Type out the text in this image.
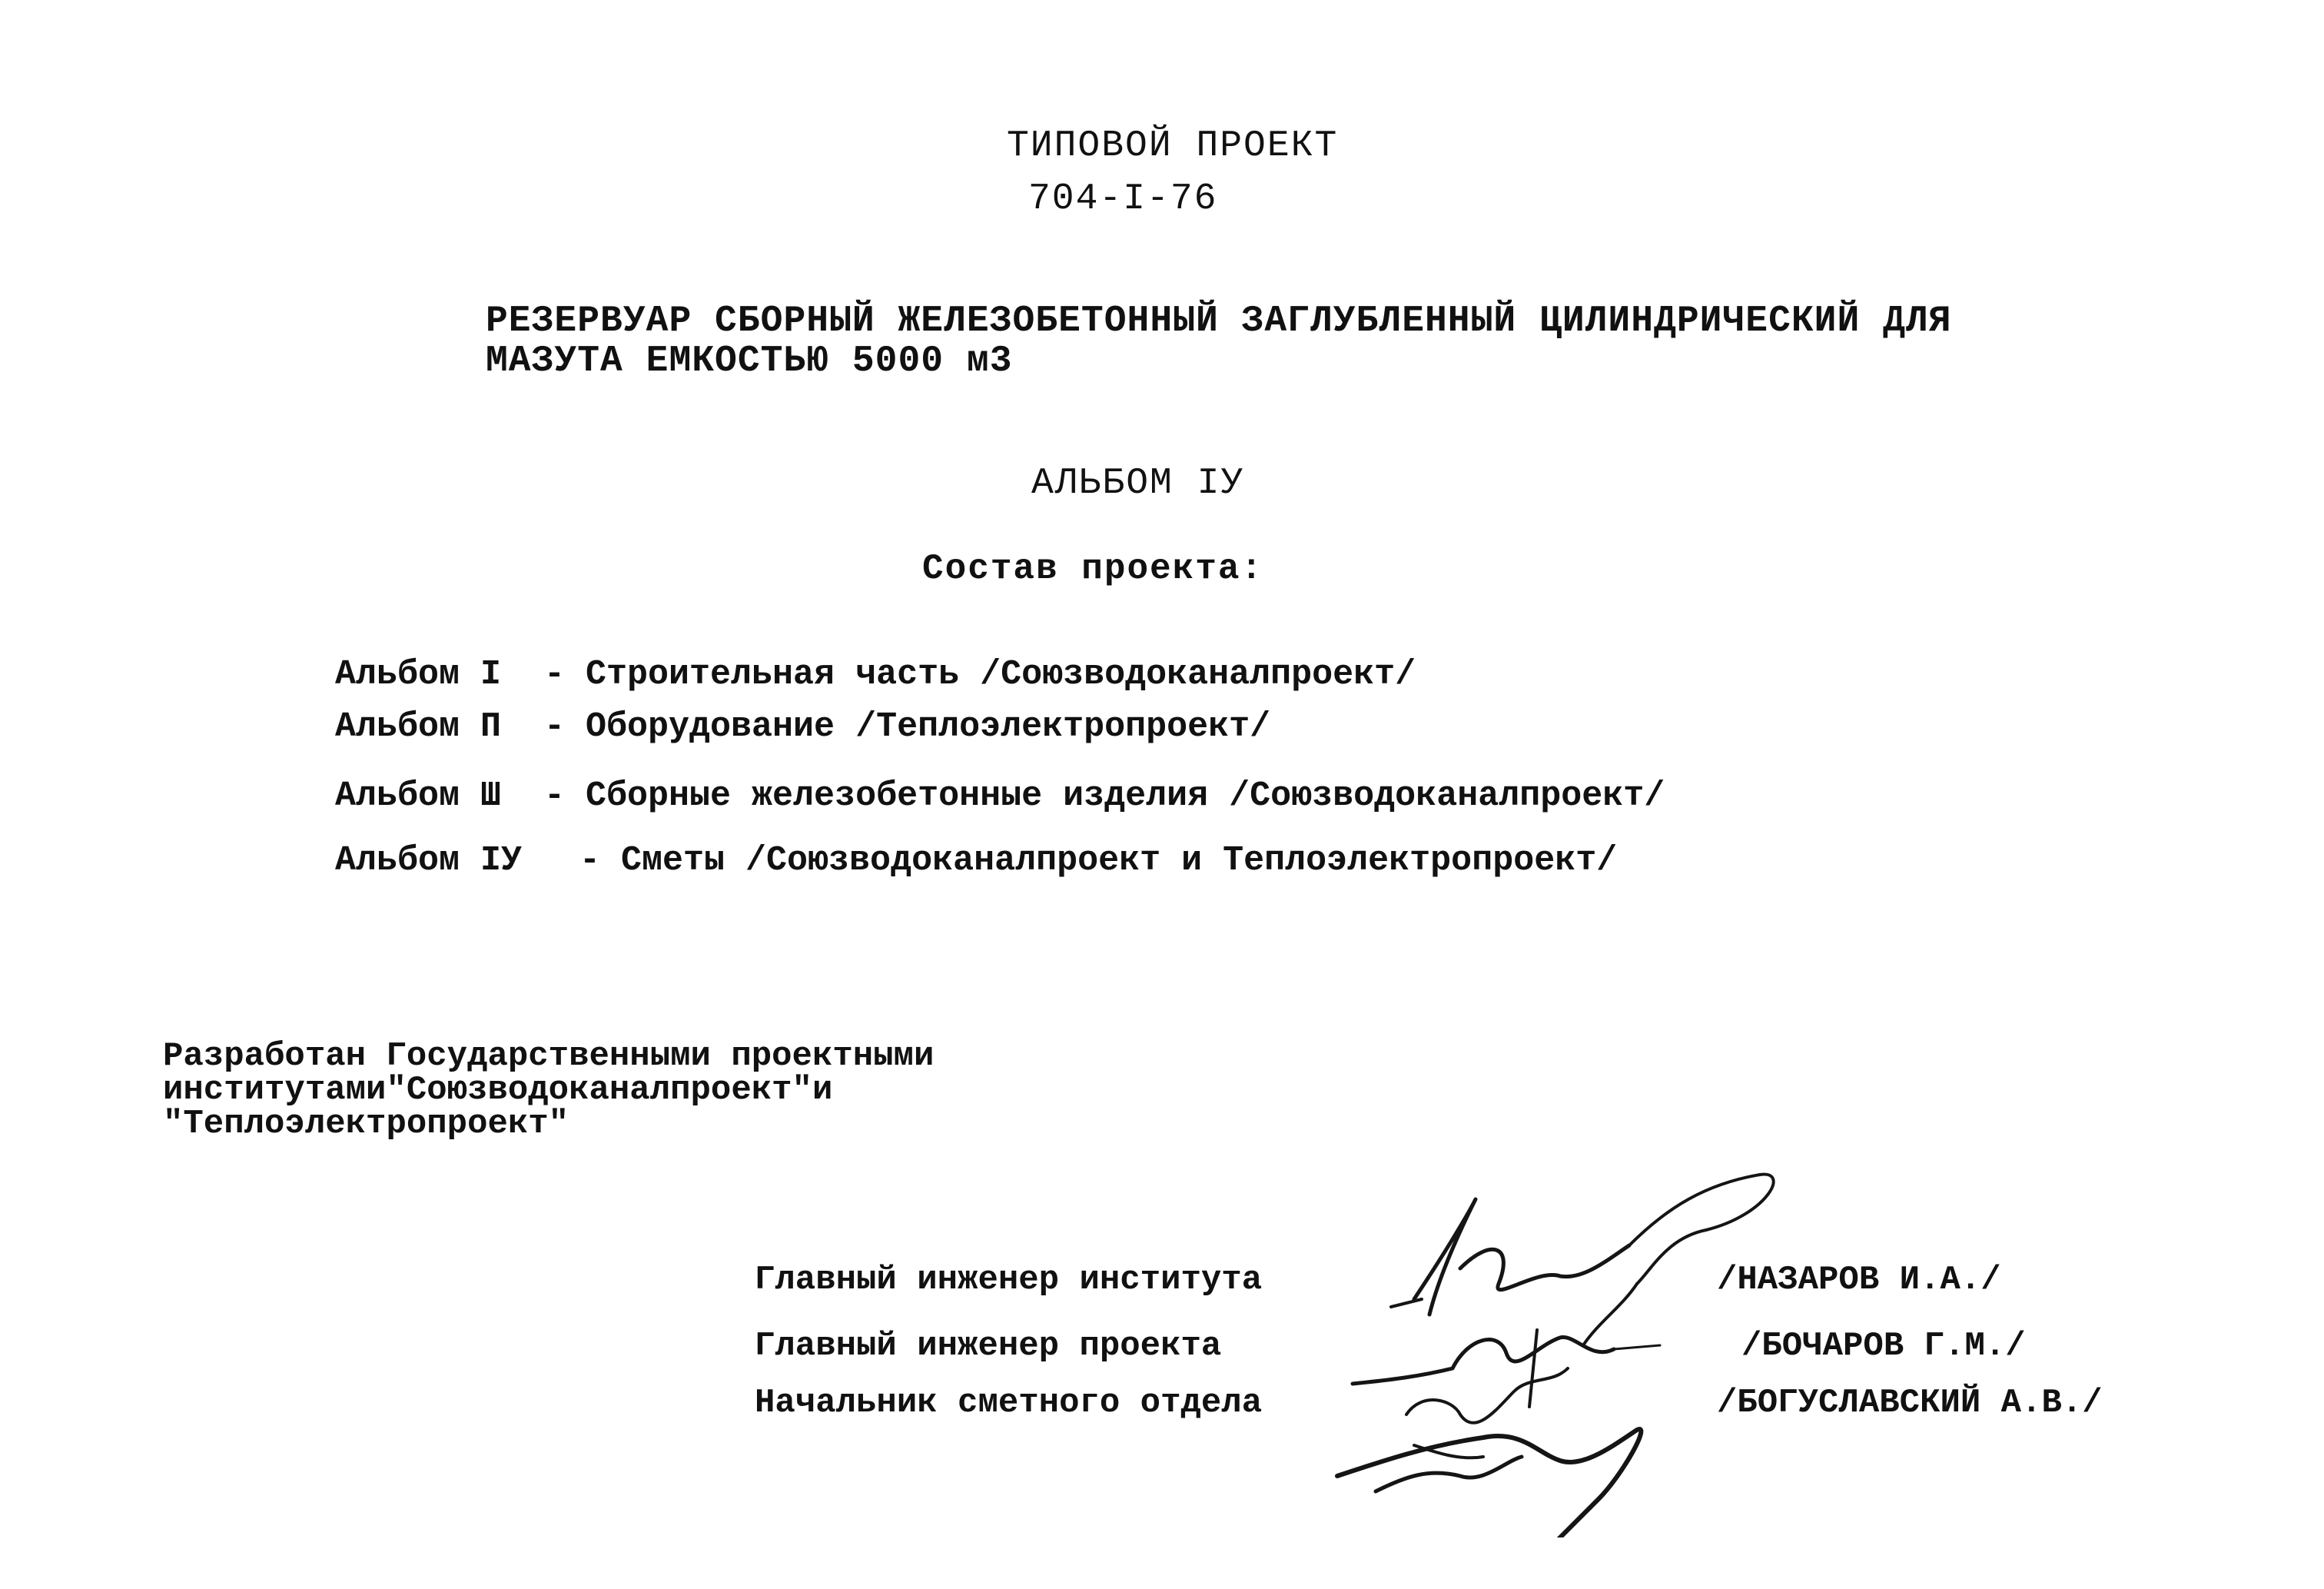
ТИПОВОЙ ПРОЕКТ
704-I-76
РЕЗЕРВУАР СБОРНЫЙ ЖЕЛЕЗОБЕТОННЫЙ ЗАГЛУБЛЕННЫЙ ЦИЛИНДРИЧЕСКИЙ ДЛЯ
МАЗУТА ЕМКОСТЬЮ 5000 м3
АЛЬБОМ IУ
Состав проекта:
Альбом I - Строительная часть /Союзводоканалпроект/
Альбом П - Оборудование /Теплоэлектропроект/
Альбом Ш - Сборные железобетонные изделия /Союзводоканалпроект/
Альбом IУ - Сметы /Союзводоканалпроект и Теплоэлектропроект/
Разработан Государственными проектными
институтами"Союзводоканалпроект"и
"Теплоэлектропроект"
Главный инженер института	/НАЗАРОВ И.А./
Главный инженер проекта	/БОЧАРОВ Г.М./
Начальник сметного отдела	/БОГУСЛАВСКИЙ А.В./
